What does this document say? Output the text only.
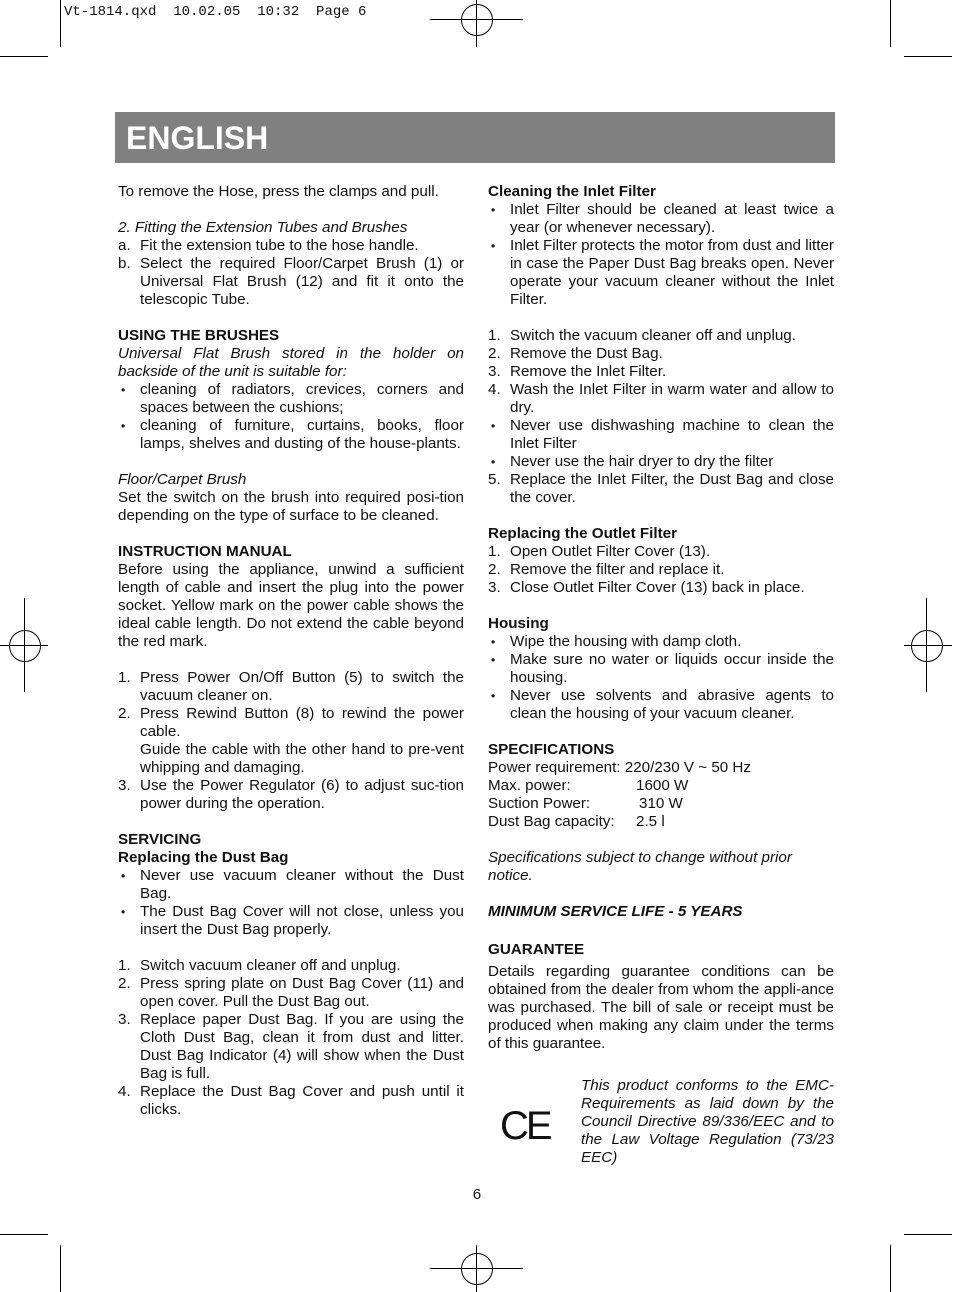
Vt-1814.qxd  10.02.05  10:32  Page 6
ENGLISH

To remove the Hose, press the clamps and pull.

2. Fitting the Extension Tubes and Brushes

a. Fit the extension tube to the hose handle.
b. Select the required Floor/Carpet Brush (1) or Universal Flat Brush (12) and fit it onto the telescopic Tube.

USING THE BRUSHES

Universal Flat Brush stored in the holder on backside of the unit is suitable for:

• cleaning of radiators, crevices, corners and spaces between the cushions;
• cleaning of furniture, curtains, books, floor lamps, shelves and dusting of the house-plants.

Floor/Carpet Brush

Set the switch on the brush into required posi-tion depending on the type of surface to be cleaned.

INSTRUCTION MANUAL

Before using the appliance, unwind a sufficient length of cable and insert the plug into the power socket. Yellow mark on the power cable shows the ideal cable length. Do not extend the cable beyond the red mark.

1. Press Power On/Off Button (5) to switch the vacuum cleaner on.
2. Press Rewind Button (8) to rewind the power cable.
Guide the cable with the other hand to pre-vent whipping and damaging.
3. Use the Power Regulator (6) to adjust suc-tion power during the operation.

SERVICING

Replacing the Dust Bag

• Never use vacuum cleaner without the Dust Bag.
• The Dust Bag Cover will not close, unless you insert the Dust Bag properly.
1. Switch vacuum cleaner off and unplug.
2. Press spring plate on Dust Bag Cover (11) and open cover. Pull the Dust Bag out.
3. Replace paper Dust Bag. If you are using the Cloth Dust Bag, clean it from dust and litter. Dust Bag Indicator (4) will show when the Dust Bag is full.
4. Replace the Dust Bag Cover and push until it clicks.

Cleaning the Inlet Filter

• Inlet Filter should be cleaned at least twice a year (or whenever necessary).
• Inlet Filter protects the motor from dust and litter in case the Paper Dust Bag breaks open. Never operate your vacuum cleaner without the Inlet Filter.
1. Switch the vacuum cleaner off and unplug.
2. Remove the Dust Bag.
3. Remove the Inlet Filter.
4. Wash the Inlet Filter in warm water and allow to dry.
• Never use dishwashing machine to clean the Inlet Filter
• Never use the hair dryer to dry the filter
5. Replace the Inlet Filter, the Dust Bag and close the cover.

Replacing the Outlet Filter

1. Open Outlet Filter Cover (13).
2. Remove the filter and replace it.
3. Close Outlet Filter Cover (13) back in place.

Housing

• Wipe the housing with damp cloth.
• Make sure no water or liquids occur inside the housing.
• Never use solvents and abrasive agents to clean the housing of your vacuum cleaner.

SPECIFICATIONS

Power requirement: 220/230 V ~ 50 Hz
Max. power:	1600 W
Suction Power:	310 W
Dust Bag capacity: 2.5 l

Specifications subject to change without prior notice.

MINIMUM SERVICE LIFE - 5 YEARS

GUARANTEE

Details regarding guarantee conditions can be obtained from the dealer from whom the appli-ance was purchased. The bill of sale or receipt must be produced when making any claim under the terms of this guarantee.

CE
This product conforms to the EMC-Requirements as laid down by the Council Directive 89/336/EEC and to the Law Voltage Regulation (73/23 EEC)
6
